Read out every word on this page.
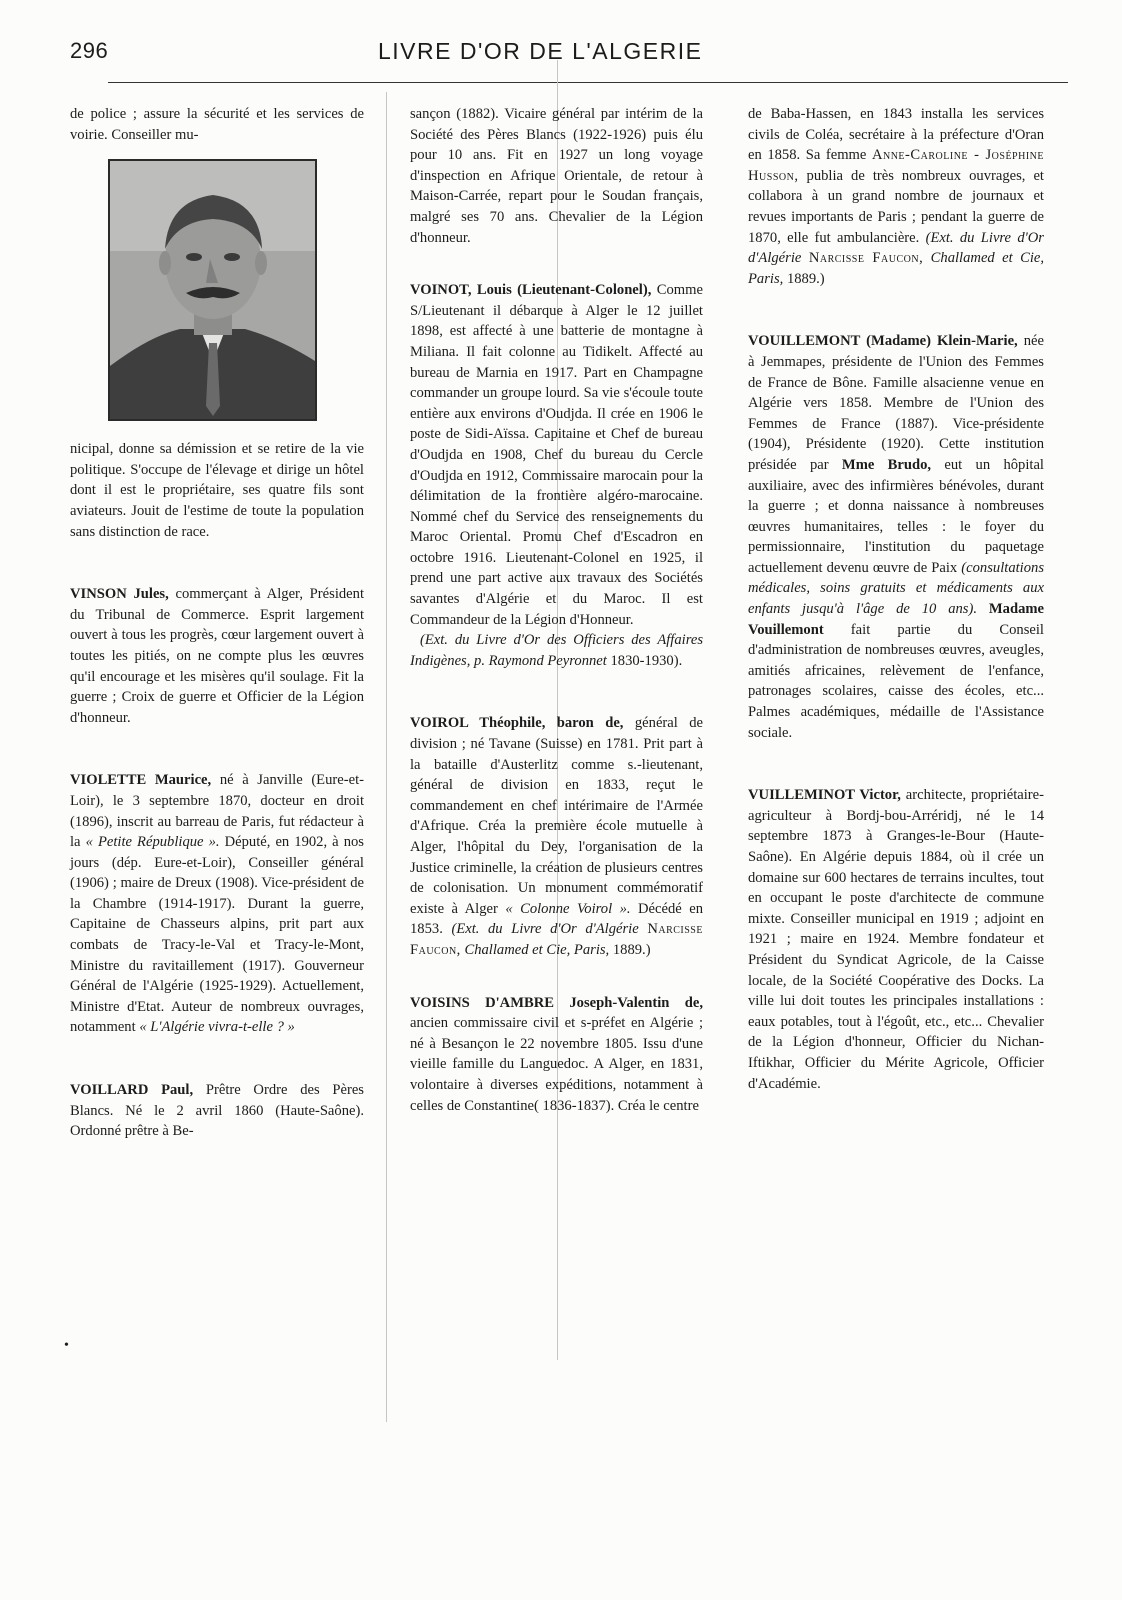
296	LIVRE D'OR DE L'ALGERIE

de police ; assure la sécurité et les services de voirie. Conseiller mu-

nicipal, donne sa démission et se retire de la vie politique. S'occupe de l'élevage et dirige un hôtel dont il est le propriétaire, ses quatre fils sont aviateurs. Jouit de l'estime de toute la population sans distinction de race.

VINSON Jules, commerçant à Alger, Président du Tribunal de Commerce. Esprit largement ouvert à tous les progrès, cœur largement ouvert à toutes les pitiés, on ne compte plus les œuvres qu'il encourage et les misères qu'il soulage. Fit la guerre ; Croix de guerre et Officier de la Légion d'honneur.

VIOLETTE Maurice, né à Janville (Eure-et-Loir), le 3 septembre 1870, docteur en droit (1896), inscrit au barreau de Paris, fut rédacteur à la « Petite République ». Député, en 1902, à nos jours (dép. Eure-et-Loir), Conseiller général (1906) ; maire de Dreux (1908). Vice-président de la Chambre (1914-1917). Durant la guerre, Capitaine de Chasseurs alpins, prit part aux combats de Tracy-le-Val et Tracy-le-Mont, Ministre du ravitaillement (1917). Gouverneur Général de l'Algérie (1925-1929). Actuellement, Ministre d'Etat. Auteur de nombreux ouvrages, notamment « L'Algérie vivra-t-elle ? »

VOILLARD Paul, Prêtre Ordre des Pères Blancs. Né le 2 avril 1860 (Haute-Saône). Ordonné prêtre à Be-

sançon (1882). Vicaire général par intérim de la Société des Pères Blancs (1922-1926) puis élu pour 10 ans. Fit en 1927 un long voyage d'inspection en Afrique Orientale, de retour à Maison-Carrée, repart pour le Soudan français, malgré ses 70 ans. Chevalier de la Légion d'honneur.

VOINOT, Louis (Lieutenant-Colonel), Comme S/Lieutenant il débarque à Alger le 12 juillet 1898, est affecté à une batterie de montagne à Miliana. Il fait colonne au Tidikelt. Affecté au bureau de Marnia en 1917. Part en Champagne commander un groupe lourd. Sa vie s'écoule toute entière aux environs d'Oudjda. Il crée en 1906 le poste de Sidi-Aïssa. Capitaine et Chef de bureau d'Oudjda en 1908, Chef du bureau du Cercle d'Oudjda en 1912, Commissaire marocain pour la délimitation de la frontière algéro-marocaine. Nommé chef du Service des renseignements du Maroc Oriental. Promu Chef d'Escadron en octobre 1916. Lieutenant-Colonel en 1925, il prend une part active aux travaux des Sociétés savantes d'Algérie et du Maroc. Il est Commandeur de la Légion d'Honneur.
(Ext. du Livre d'Or des Officiers des Affaires Indigènes, p. Raymond Peyronnet 1830-1930).

VOIROL Théophile, baron de, général de division ; né Tavane (Suisse) en 1781. Prit part à la bataille d'Austerlitz comme s.-lieutenant, général de division en 1833, reçut le commandement en chef intérimaire de l'Armée d'Afrique. Créa la première école mutuelle à Alger, l'hôpital du Dey, l'organisation de la Justice criminelle, la création de plusieurs centres de colonisation. Un monument commémoratif existe à Alger « Colonne Voirol ». Décédé en 1853. (Ext. du Livre d'Or d'Algérie Narcisse Faucon, Challamed et Cie, Paris, 1889.)

VOISINS D'AMBRE Joseph-Valentin de, ancien commissaire civil et s-préfet en Algérie ; né à Besançon le 22 novembre 1805. Issu d'une vieille famille du Languedoc. A Alger, en 1831, volontaire à diverses expéditions, notamment à celles de Constantine( 1836-1837). Créa le centre

de Baba-Hassen, en 1843 installa les services civils de Coléa, secrétaire à la préfecture d'Oran en 1858. Sa femme Anne-Caroline - Joséphine Husson, publia de très nombreux ouvrages, et collabora à un grand nombre de journaux et revues importants de Paris ; pendant la guerre de 1870, elle fut ambulancière. (Ext. du Livre d'Or d'Algérie Narcisse Faucon, Challamed et Cie, Paris, 1889.)

VOUILLEMONT (Madame) Klein-Marie, née à Jemmapes, présidente de l'Union des Femmes de France de Bône. Famille alsacienne venue en Algérie vers 1858. Membre de l'Union des Femmes de France (1887). Vice-présidente (1904), Présidente (1920). Cette institution présidée par Mme Brudo, eut un hôpital auxiliaire, avec des infirmières bénévoles, durant la guerre ; et donna naissance à nombreuses œuvres humanitaires, telles : le foyer du permissionnaire, l'institution du paquetage actuellement devenu œuvre de Paix (consultations médicales, soins gratuits et médicaments aux enfants jusqu'à l'âge de 10 ans). Madame Vouillemont fait partie du Conseil d'administration de nombreuses œuvres, aveugles, amitiés africaines, relèvement de l'enfance, patronages scolaires, caisse des écoles, etc... Palmes académiques, médaille de l'Assistance sociale.

VUILLEMINOT Victor, architecte, propriétaire-agriculteur à Bordj-bou-Arréridj, né le 14 septembre 1873 à Granges-le-Bour (Haute-Saône). En Algérie depuis 1884, où il crée un domaine sur 600 hectares de terrains incultes, tout en occupant le poste d'architecte de commune mixte. Conseiller municipal en 1919 ; adjoint en 1921 ; maire en 1924. Membre fondateur et Président du Syndicat Agricole, de la Caisse locale, de la Société Coopérative des Docks. La ville lui doit toutes les principales installations : eaux potables, tout à l'égoût, etc., etc... Chevalier de la Légion d'honneur, Officier du Nichan-Iftikhar, Officier du Mérite Agricole, Officier d'Académie.

•
